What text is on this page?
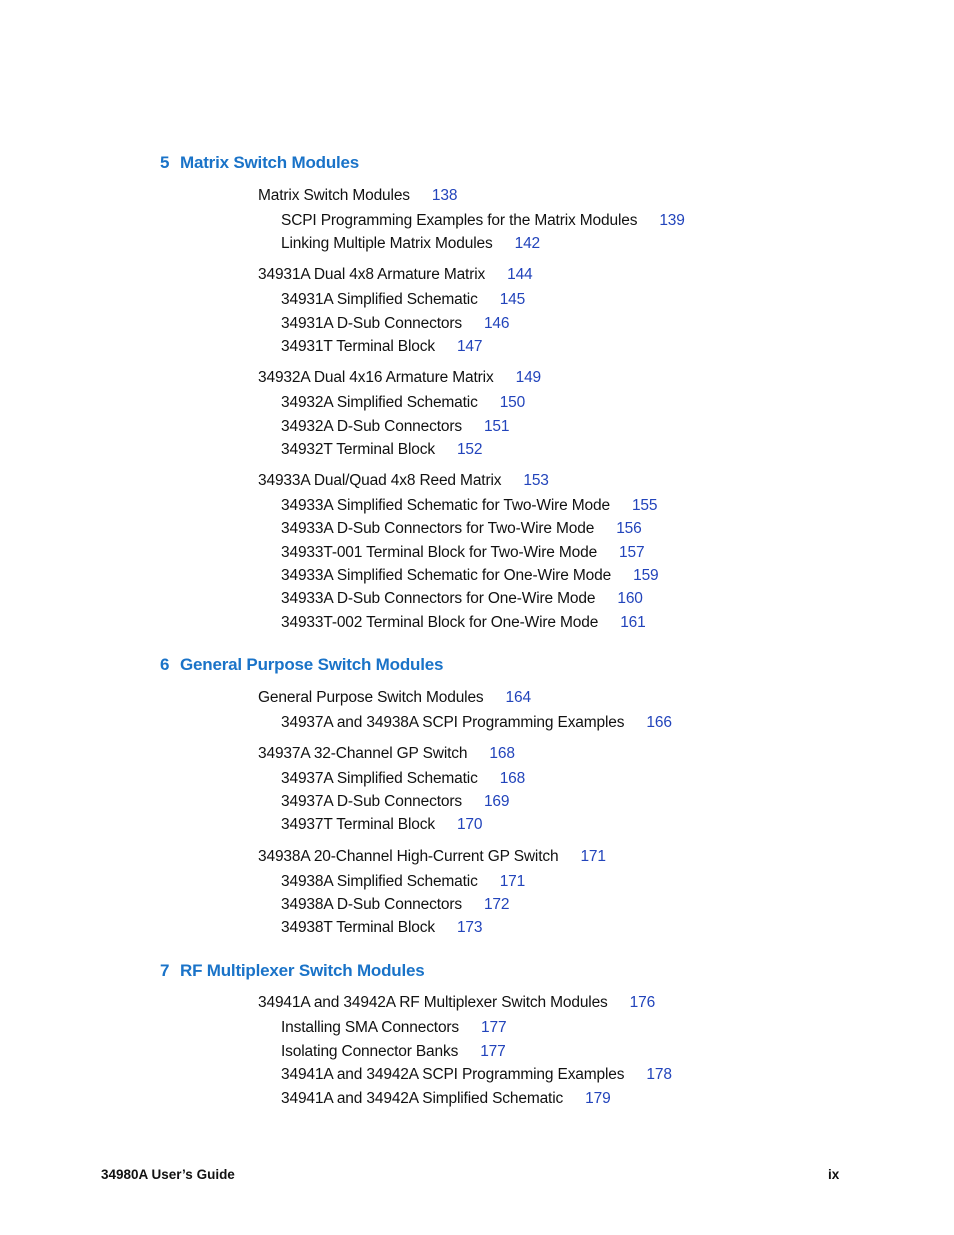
5 Matrix Switch Modules
Matrix Switch Modules 138
SCPI Programming Examples for the Matrix Modules 139
Linking Multiple Matrix Modules 142
34931A Dual 4x8 Armature Matrix 144
34931A Simplified Schematic 145
34931A D-Sub Connectors 146
34931T Terminal Block 147
34932A Dual 4x16 Armature Matrix 149
34932A Simplified Schematic 150
34932A D-Sub Connectors 151
34932T Terminal Block 152
34933A Dual/Quad 4x8 Reed Matrix 153
34933A Simplified Schematic for Two-Wire Mode 155
34933A D-Sub Connectors for Two-Wire Mode 156
34933T-001 Terminal Block for Two-Wire Mode 157
34933A Simplified Schematic for One-Wire Mode 159
34933A D-Sub Connectors for One-Wire Mode 160
34933T-002 Terminal Block for One-Wire Mode 161
6 General Purpose Switch Modules
General Purpose Switch Modules 164
34937A and 34938A SCPI Programming Examples 166
34937A 32-Channel GP Switch 168
34937A Simplified Schematic 168
34937A D-Sub Connectors 169
34937T Terminal Block 170
34938A 20-Channel High-Current GP Switch 171
34938A Simplified Schematic 171
34938A D-Sub Connectors 172
34938T Terminal Block 173
7 RF Multiplexer Switch Modules
34941A and 34942A RF Multiplexer Switch Modules 176
Installing SMA Connectors 177
Isolating Connector Banks 177
34941A and 34942A SCPI Programming Examples 178
34941A and 34942A Simplified Schematic 179
34980A User’s Guide	ix
